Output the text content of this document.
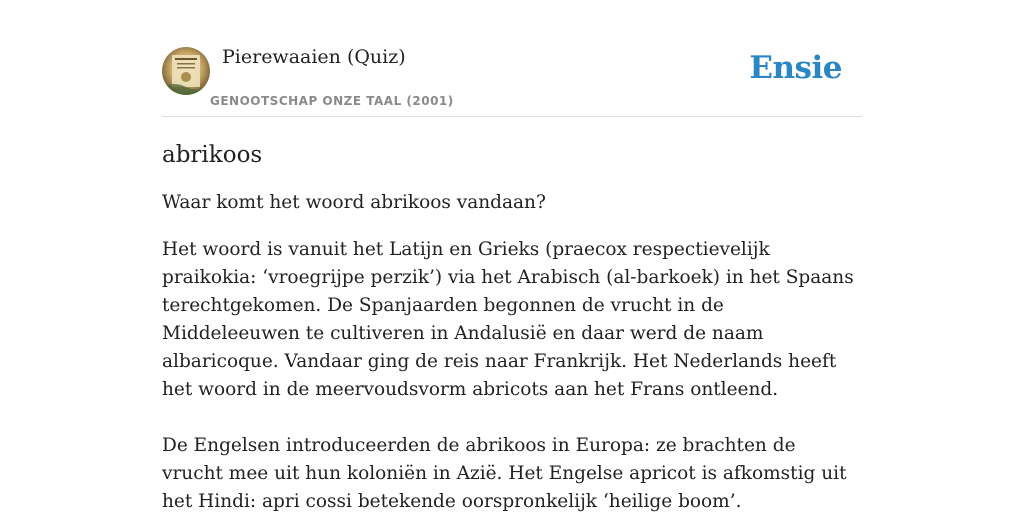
Pierewaaien (Quiz)
GENOOTSCHAP ONZE TAAL (2001)
Ensie
abrikoos

Waar komt het woord abrikoos vandaan?

Het woord is vanuit het Latijn en Grieks (praecox respectievelijk praikokia: ‘vroegrijpe perzik’) via het Arabisch (al-barkoek) in het Spaans terechtgekomen. De Spanjaarden begonnen de vrucht in de Middeleeuwen te cultiveren in Andalusië en daar werd de naam albaricoque. Vandaar ging de reis naar Frankrijk. Het Nederlands heeft het woord in de meervoudsvorm abricots aan het Frans ontleend.

De Engelsen introduceerden de abrikoos in Europa: ze brachten de vrucht mee uit hun koloniën in Azië. Het Engelse apricot is afkomstig uit het Hindi: apri cossi betekende oorspronkelijk ‘heilige boom’.
